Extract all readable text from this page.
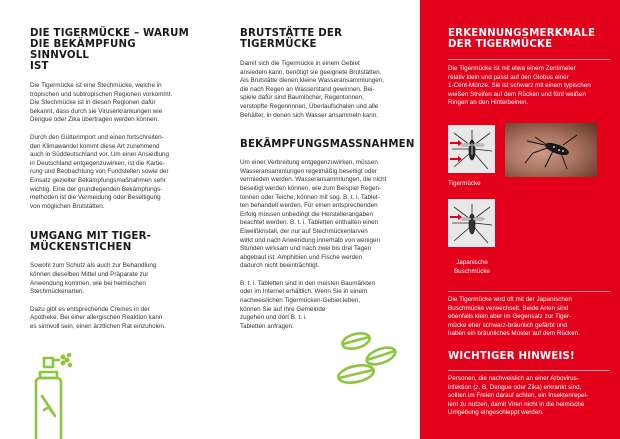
DIE TIGERMÜCKE – WARUM
DIE BEKÄMPFUNG SINNVOLL
IST
Die Tigermücke ist eine Stechmücke, welche in
tropischen und subtropischen Regionen vorkommt.
Die Stechmücke ist in diesen Regionen dafür
bekannt, dass durch sie Viruserkrankungen wie
Dengue oder Zika übertragen werden können.
Durch den Gütterimport und einen fortschreiten-
den Klimawandel kommt diese Art zunehmend
auch in Süddeutschland vor. Um einer Ansiedlung
in Deutschland entgegenzuwirken, ist die Kartie-
rung und Beobachtung von Fundstellen sowie der
Einsatz gezielter Bekämpfungsmaßnahmen sehr
wichtig. Eine der grundlegenden Bekämpfungs-
methoden ist die Vermeidung oder Beseitigung
von möglichen Brutstätten.
UMGANG MIT TIGER-
MÜCKENSTICHEN
Sowohl zum Schutz als auch zur Behandlung
können dieselben Mittel und Präparate zur
Anwendung kommen, wie bei heimischen
Stechmückenarten.
Dazu gibt es entsprechende Cremes in der
Apotheke. Bei einer allergischen Reaktion kann
es sinnvoll sein, einen ärztlichen Rat einzuholen.
BRUTSTÄTTE DER
TIGERMÜCKE
Damit sich die Tigermücke in einem Gebiet
ansiedeln kann, benötigt sie geeignete Brutstätten.
Als Brutstätte dienen kleine Wasseransammlungen,
die nach Regen an Wasserstand gewinnen. Bei-
spiele dafür sind Baumlöcher, Regentonnen,
verstopfte Regenrinnen, Überlaufschalen und alle
Behälter, in denen sich Wasser ansammeln kann.
BEKÄMPFUNGSMASSNAHMEN
Um einer Verbreitung entgegenzuwirken, müssen
Wasseransammlungen regelmäßig beseitigt oder
vermieden werden. Wasseransammlungen, die nicht
beseitigt werden können, wie zum Beispiel Regen-
tonnen oder Teiche, können mit sog. B. t. i. Tablet-
ten behandelt werden. Für einen entsprechenden
Erfolg müssen unbedingt die Herstellerangaben
beachtet werden. B. t. i. Tabletten enthalten einen
Eiweißkristall, der nur auf Stechmückenlarven
wirkt und nach Anwendung innerhalb von wenigen
Stunden wirksam und nach zwei bis drei Tagen
abgebaut ist. Amphibien und Fische werden
dadurch nicht beeinträchtigt.
B. t. i. Tabletten sind in den meisten Baumärkten
oder im Internet erhältlich. Wenn Sie in einem
nachweislichen Tigermücken-Gebiet leben,
können Sie auf Ihre Gemeinde
zugehen und dort B. t. i.
Tabletten anfragen.
ERKENNUNGSMERKMALE
DER TIGERMÜCKE
Die Tigermücke ist mit etwa einem Zentimeter
relativ klein und passt auf den Globus einer
1-Cent-Münze. Sie ist schwarz mit einem typischen
weißen Streifen auf dem Rücken und fünf weißen
Ringen an den Hinterbeinen.
Tigermücke
Japanische
Buschmücke
Die Tigermücke wird oft mit der Japanischen
Buschmücke verwechselt. Beide Arten sind
ebenfalls klein aber im Gegensatz zur Tiger-
mücke eher schwarz-bräunlich gefärbt und
haben ein bräunliches Muster auf dem Rücken.
WICHTIGER HINWEIS!
Personen, die nachweislich an einer Arbovirus-
infektion (z. B. Dengue oder Zika) erkrankt sind,
sollten im Freien darauf achten, ein Insektenrepel-
lent zu nutzen, damit Viren nicht in die heimische
Umgebung eingeschleppt werden.
